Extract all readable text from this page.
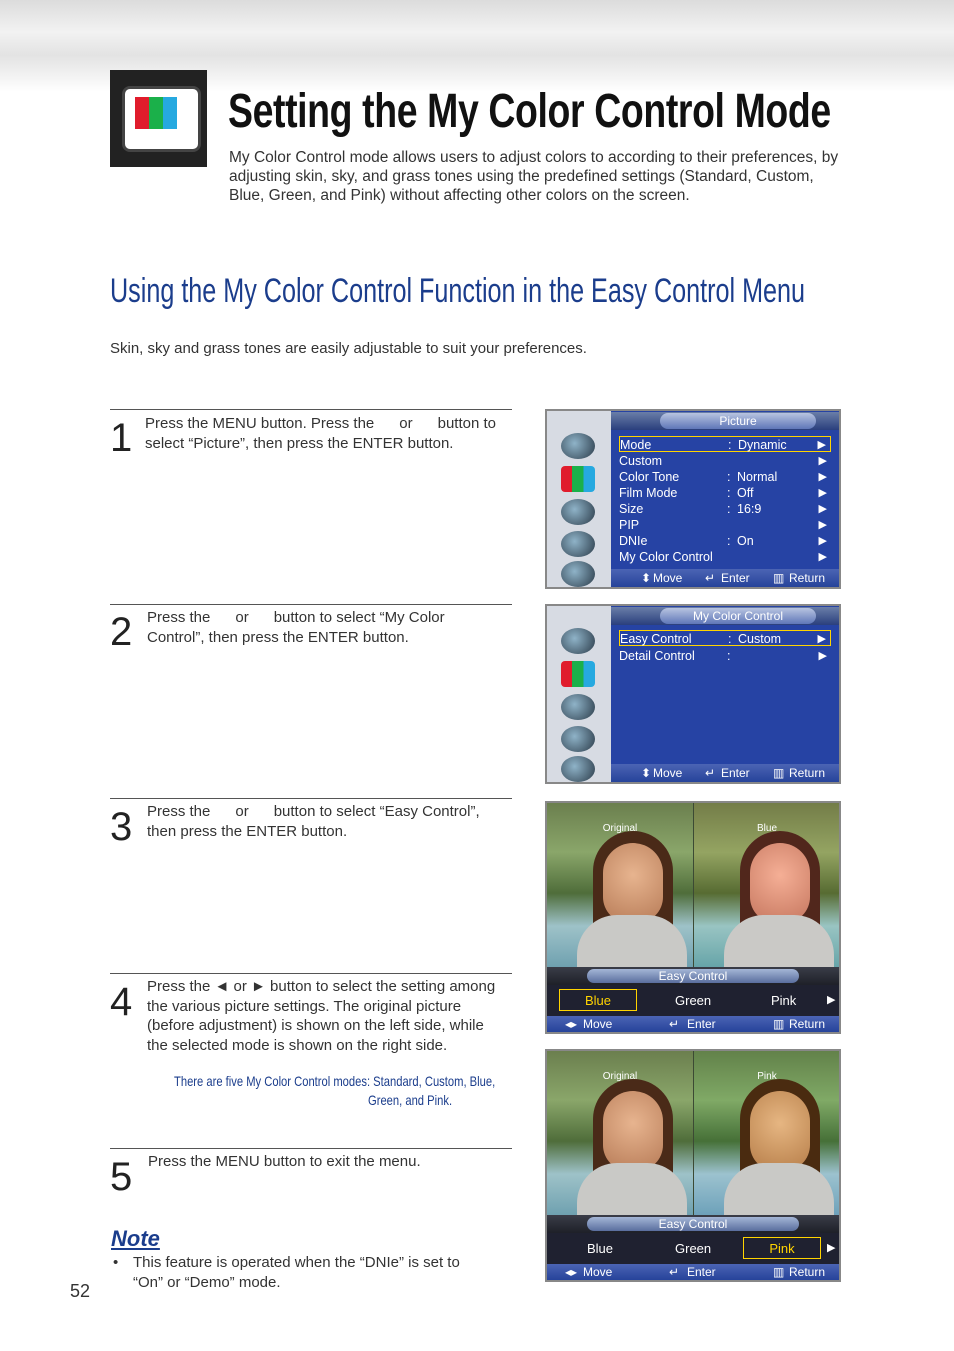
Setting the My Color Control Mode
My Color Control mode allows users to adjust colors to according to their preferences, by adjusting skin, sky, and grass tones using the predefined settings (Standard, Custom, Blue, Green, and Pink) without affecting other colors on the screen.
Using the My Color Control Function in the Easy Control Menu
Skin, sky and grass tones are easily adjustable to suit your preferences.
1 Press the MENU button. Press the      or      button to select “Picture”, then press the ENTER button.
2 Press the      or      button to select “My Color Control”, then press the ENTER button.
3 Press the      or      button to select “Easy Control”, then press the ENTER button.
4 Press the ◄ or ► button to select the setting among the various picture settings. The original picture (before adjustment) is shown on the left side, while the selected mode is shown on the right side.
There are five My Color Control modes: Standard, Custom, Blue,
Green, and Pink.
5 Press the MENU button to exit the menu.
Note
• This feature is operated when the “DNIe” is set to “On” or “Demo” mode.
52
Picture
Mode	: Dynamic	▶
Custom	▶
Color Tone	: Normal	▶
Film Mode	: Off	▶
Size	: 16:9	▶
PIP	▶
DNIe	: On	▶
My Color Control	▶
⬍ Move ↵ Enter ▥ Return
My Color Control
Easy Control	: Custom	▶
Detail Control	:	▶
⬍ Move ↵ Enter ▥ Return
Original	Blue
Easy Control
Blue	Green	Pink	▶
◂▸ Move	↵ Enter	▥ Return
Original	Pink
Easy Control
Blue	Green	Pink	▶
◂▸ Move	↵ Enter	▥ Return
